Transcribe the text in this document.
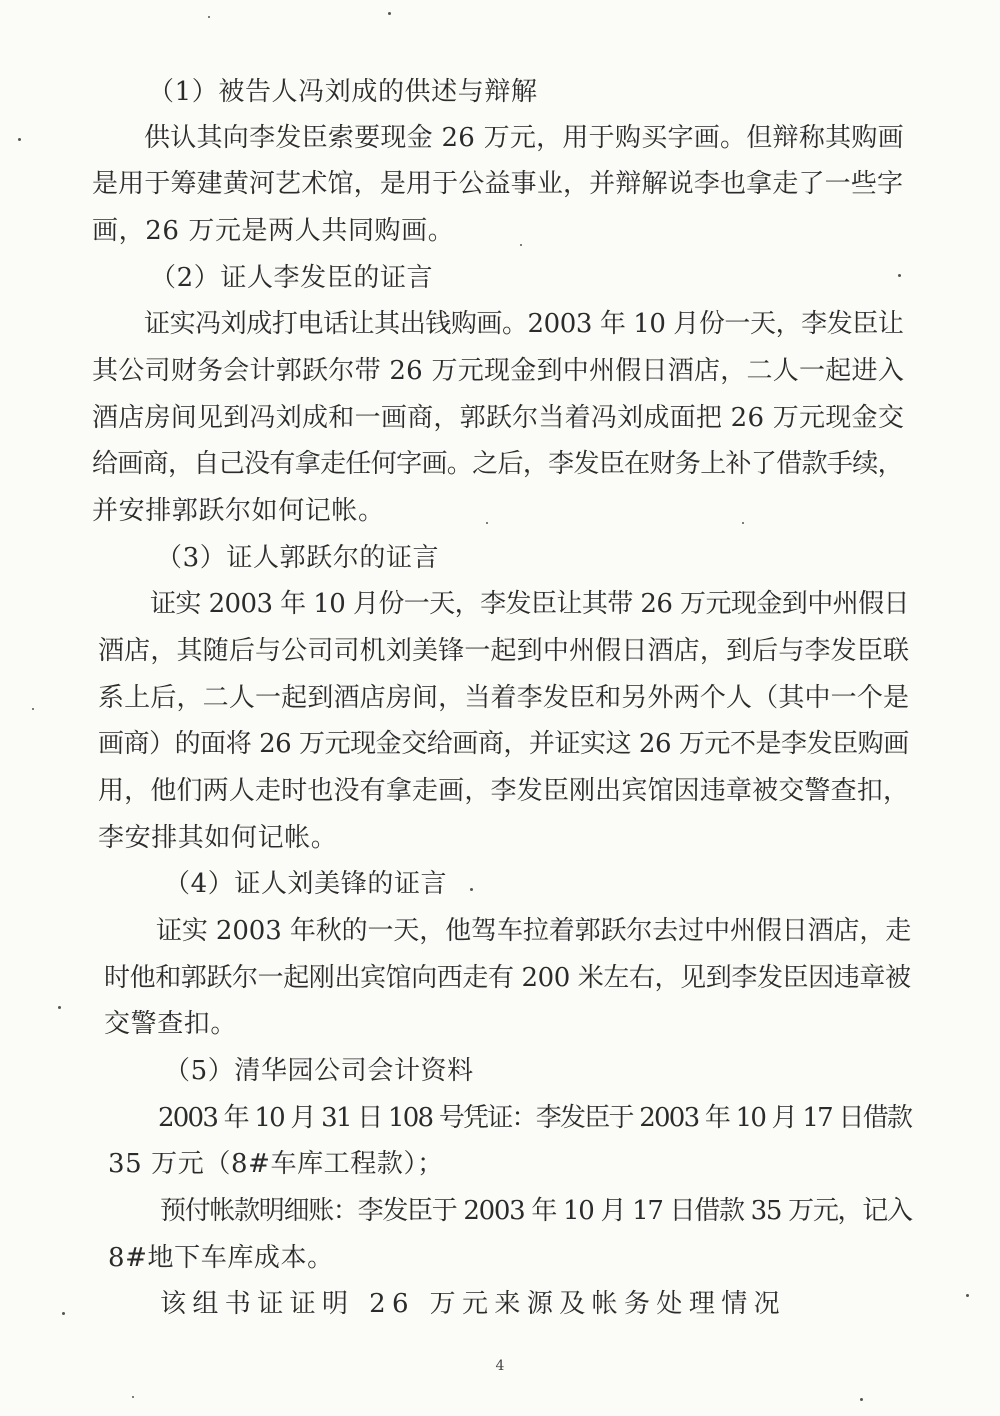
（1）被告人冯刘成的供述与辩解
供认其向李发臣索要现金 26 万元，用于购买字画。但辩称其购画
是用于筹建黄河艺术馆，是用于公益事业，并辩解说李也拿走了一些字
画，26 万元是两人共同购画。
（2）证人李发臣的证言
证实冯刘成打电话让其出钱购画。2003 年 10 月份一天，李发臣让
其公司财务会计郭跃尔带 26 万元现金到中州假日酒店，二人一起进入
酒店房间见到冯刘成和一画商，郭跃尔当着冯刘成面把 26 万元现金交
给画商，自己没有拿走任何字画。之后，李发臣在财务上补了借款手续，
并安排郭跃尔如何记帐。
（3）证人郭跃尔的证言
证实 2003 年 10 月份一天，李发臣让其带 26 万元现金到中州假日
酒店，其随后与公司司机刘美锋一起到中州假日酒店，到后与李发臣联
系上后，二人一起到酒店房间，当着李发臣和另外两个人（其中一个是
画商）的面将 26 万元现金交给画商，并证实这 26 万元不是李发臣购画
用，他们两人走时也没有拿走画，李发臣刚出宾馆因违章被交警查扣，
李安排其如何记帐。
（4）证人刘美锋的证言
证实 2003 年秋的一天，他驾车拉着郭跃尔去过中州假日酒店，走
时他和郭跃尔一起刚出宾馆向西走有 200 米左右，见到李发臣因违章被
交警查扣。
（5）清华园公司会计资料
2003 年 10 月 31 日 108 号凭证：李发臣于 2003 年 10 月 17 日借款
35 万元（8#车库工程款）；
预付帐款明细账：李发臣于 2003 年 10 月 17 日借款 35 万元，记入
8#地下车库成本。
该组书证证明 26 万元来源及帐务处理情况
4
